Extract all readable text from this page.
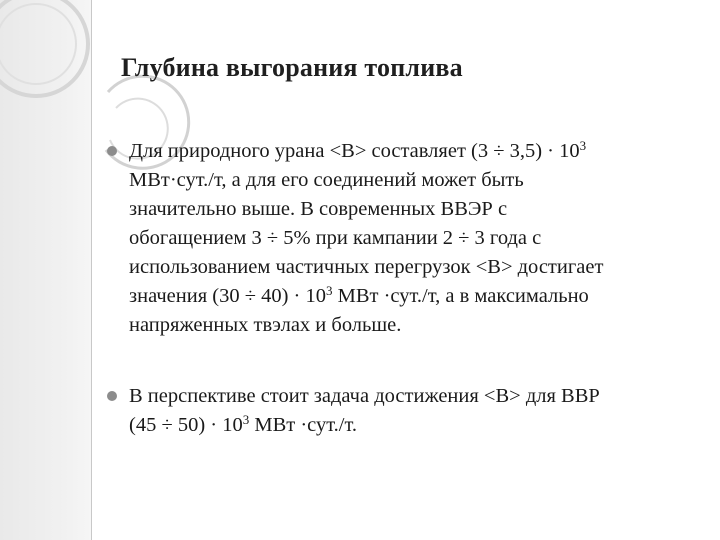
Глубина выгорания топлива
Для природного урана <B> составляет $(3 \div 3,5) \cdot 10^3$
МВт·сут./т, а для его соединений может быть
значительно выше. В современных ВВЭР с
обогащением 3 ÷ 5% при кампании 2 ÷ 3 года с
использованием частичных перегрузок <B> достигает
значения $(30 \div 40) \cdot 10^3$ МВт ·сут./т, а в максимально
напряженных твэлах и больше.
В перспективе стоит задача достижения <B> для ВВР
$(45 \div 50) \cdot 10^3$ МВт ·сут./т.
